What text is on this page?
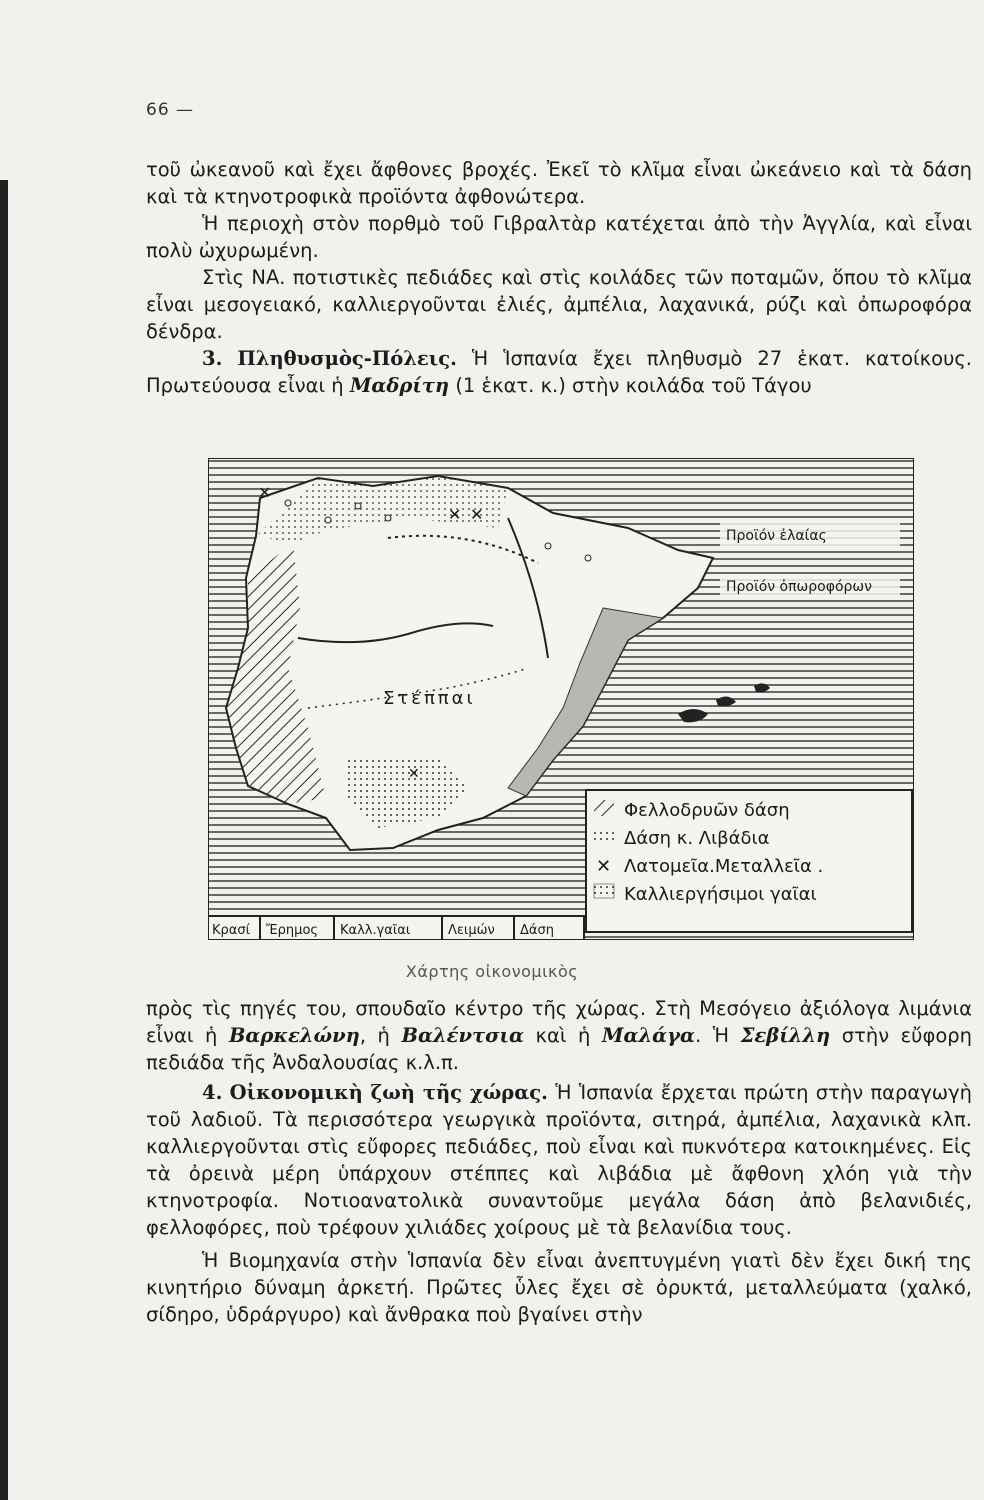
66 —

τοῦ ὠκεανοῦ καὶ ἔχει ἄφθονες βροχές. Ἐκεῖ τὸ κλῖμα εἶναι ὠκεάνειο καὶ τὰ δάση καὶ τὰ κτηνοτροφικὰ προϊόντα ἀφθονώτερα.

Ἡ περιοχὴ στὸν πορθμὸ τοῦ Γιβραλτὰρ κατέχεται ἀπὸ τὴν Ἀγγλία, καὶ εἶναι πολὺ ὠχυρωμένη.

Στὶς ΝΑ. ποτιστικὲς πεδιάδες καὶ στὶς κοιλάδες τῶν ποταμῶν, ὅπου τὸ κλῖμα εἶναι μεσογειακό, καλλιεργοῦνται ἐλιές, ἀμπέλια, λαχανικά, ρύζι καὶ ὀπωροφόρα δένδρα.

3. Πληθυσμὸς-Πόλεις. Ἡ Ἱσπανία ἔχει πληθυσμὸ 27 ἑκατ. κατοίκους. Πρωτεύουσα εἶναι ἡ Μαδρίτη (1 ἑκατ. κ.) στὴν κοιλάδα τοῦ Τάγου

✕
✕ ✕
✕
Στέππαι
Προϊόν ἐλαίας
Προϊόν ὀπωροφόρων
Φελλοδρυῶν δάση
Δάση κ. Λιβάδια
✕ Λατομεῖα.Μεταλλεῖα .
Καλλιεργήσιμοι γαῖαι
Κρασί Ἔρημος Καλλ.γαῖαι	Λειμών Δάση
Χάρτης οἰκονομικὸς

πρὸς τὶς πηγές του, σπουδαῖο κέντρο τῆς χώρας. Στὴ Μεσόγειο ἀξιόλογα λιμάνια εἶναι ἡ Βαρκελώνη, ἡ Βαλέντσια καὶ ἡ Μαλάγα. Ἡ Σεβίλλη στὴν εὔφορη πεδιάδα τῆς Ἀνδαλουσίας κ.λ.π.

4. Οἰκονομικὴ ζωὴ τῆς χώρας. Ἡ Ἱσπανία ἔρχεται πρώτη στὴν παραγωγὴ τοῦ λαδιοῦ. Τὰ περισσότερα γεωργικὰ προϊόντα, σιτηρά, ἀμπέλια, λαχανικὰ κλπ. καλλιεργοῦνται στὶς εὔφορες πεδιάδες, ποὺ εἶναι καὶ πυκνότερα κατοικημένες. Εἰς τὰ ὀρεινὰ μέρη ὑπάρχουν στέππες καὶ λιβάδια μὲ ἄφθονη χλόη γιὰ τὴν κτηνοτροφία. Νοτιοανατολικὰ συναντοῦμε μεγάλα δάση ἀπὸ βελανιδιές, φελλοφόρες, ποὺ τρέφουν χιλιάδες χοίρους μὲ τὰ βελανίδια τους.

Ἡ Βιομηχανία στὴν Ἱσπανία δὲν εἶναι ἀνεπτυγμένη γιατὶ δὲν ἔχει δική της κινητήριο δύναμη ἀρκετή. Πρῶτες ὗλες ἔχει σὲ ὀρυκτά, μεταλλεύματα (χαλκό, σίδηρο, ὑδράργυρο) καὶ ἄνθρακα ποὺ βγαίνει στὴν
